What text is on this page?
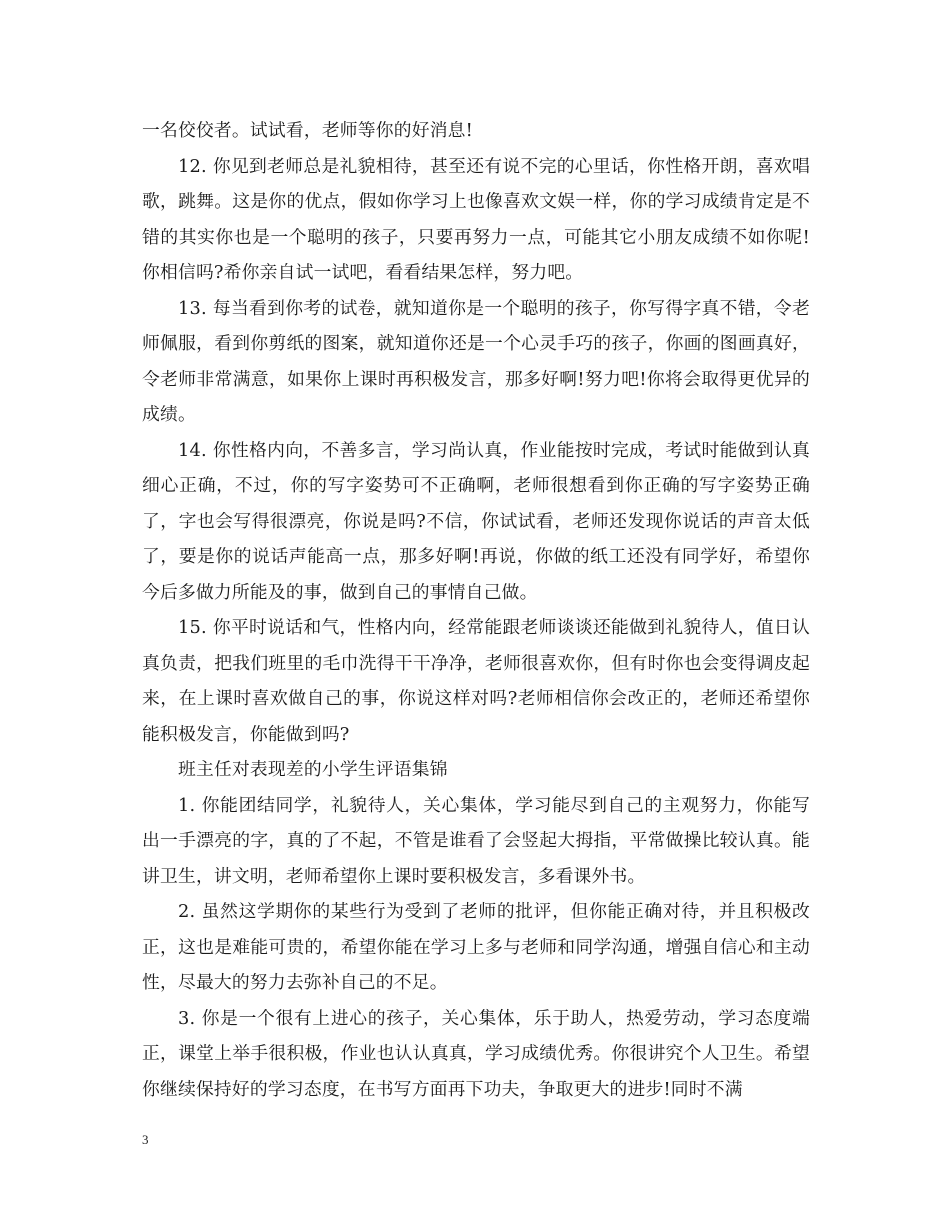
一名佼佼者。试试看，老师等你的好消息!

12. 你见到老师总是礼貌相待，甚至还有说不完的心里话，你性格开朗，喜欢唱歌，跳舞。这是你的优点，假如你学习上也像喜欢文娱一样，你的学习成绩肯定是不错的其实你也是一个聪明的孩子，只要再努力一点，可能其它小朋友成绩不如你呢!你相信吗?希你亲自试一试吧，看看结果怎样，努力吧。

13. 每当看到你考的试卷，就知道你是一个聪明的孩子，你写得字真不错，令老师佩服，看到你剪纸的图案，就知道你还是一个心灵手巧的孩子，你画的图画真好，令老师非常满意，如果你上课时再积极发言，那多好啊!努力吧!你将会取得更优异的成绩。

14. 你性格内向，不善多言，学习尚认真，作业能按时完成，考试时能做到认真细心正确，不过，你的写字姿势可不正确啊，老师很想看到你正确的写字姿势正确了，字也会写得很漂亮，你说是吗?不信，你试试看，老师还发现你说话的声音太低了，要是你的说话声能高一点，那多好啊!再说，你做的纸工还没有同学好，希望你今后多做力所能及的事，做到自己的事情自己做。

15. 你平时说话和气，性格内向，经常能跟老师谈谈还能做到礼貌待人，值日认真负责，把我们班里的毛巾洗得干干净净，老师很喜欢你，但有时你也会变得调皮起来，在上课时喜欢做自己的事，你说这样对吗?老师相信你会改正的，老师还希望你能积极发言，你能做到吗?

班主任对表现差的小学生评语集锦

1. 你能团结同学，礼貌待人，关心集体，学习能尽到自己的主观努力，你能写出一手漂亮的字，真的了不起，不管是谁看了会竖起大拇指，平常做操比较认真。能讲卫生，讲文明，老师希望你上课时要积极发言，多看课外书。

2. 虽然这学期你的某些行为受到了老师的批评，但你能正确对待，并且积极改正，这也是难能可贵的，希望你能在学习上多与老师和同学沟通，增强自信心和主动性，尽最大的努力去弥补自己的不足。

3. 你是一个很有上进心的孩子，关心集体，乐于助人，热爱劳动，学习态度端正，课堂上举手很积极，作业也认认真真，学习成绩优秀。你很讲究个人卫生。希望你继续保持好的学习态度，在书写方面再下功夫，争取更大的进步!同时不满

3
